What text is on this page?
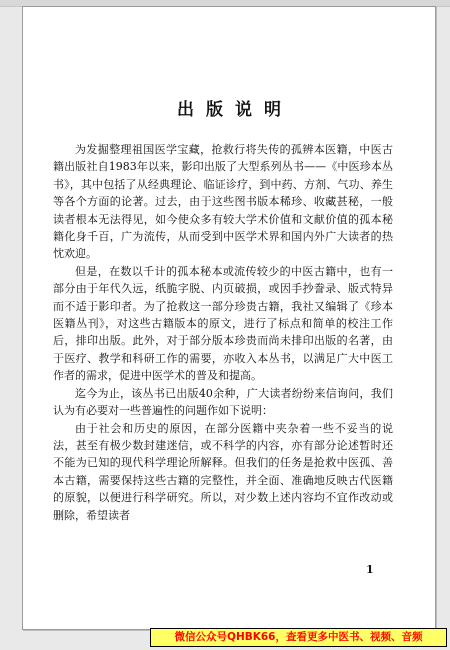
出版说明

为发掘整理祖国医学宝藏，抢救行将失传的孤辨本医籍，中医古籍出版社自1983年以来，影印出版了大型系列丛书——《中医珍本丛书》，其中包括了从经典理论、临证诊疗，到中药、方剂、气功、养生等各个方面的论著。过去，由于这些图书版本稀珍、收藏甚秘，一般读者根本无法得见，如今使众多有较大学术价值和文献价值的孤本秘籍化身千百，广为流传，从而受到中医学术界和国内外广大读者的热忱欢迎。

但是，在数以千计的孤本秘本或流传较少的中医古籍中，也有一部分由于年代久远，纸脆字脱、内页破损，或因手抄誊录、版式特异而不适于影印者。为了抢救这一部分珍贵古籍，我社又编辑了《珍本医籍丛刊》，对这些古籍版本的原文，进行了标点和简单的校注工作后，排印出版。此外，对于部分版本珍贵而尚未排印出版的名著，由于医疗、教学和科研工作的需要，亦收入本丛书，以满足广大中医工作者的需求，促进中医学术的普及和提高。

迄今为止，该丛书已出版40余种，广大读者纷纷来信询问，我们认为有必要对一些普遍性的问题作如下说明：

由于社会和历史的原因，在部分医籍中夹杂着一些不妥当的说法，甚至有极少数封建迷信，或不科学的内容，亦有部分论述暂时还不能为已知的现代科学理论所解释。但我们的任务是抢救中医孤、善本古籍，需要保持这些古籍的完整性，并全面、准确地反映古代医籍的原貌，以便进行科学研究。所以，对少数上述内容均不宜作改动或删除，希望读者

1
微信公众号QHBK66，查看更多中医书、视频、音频
